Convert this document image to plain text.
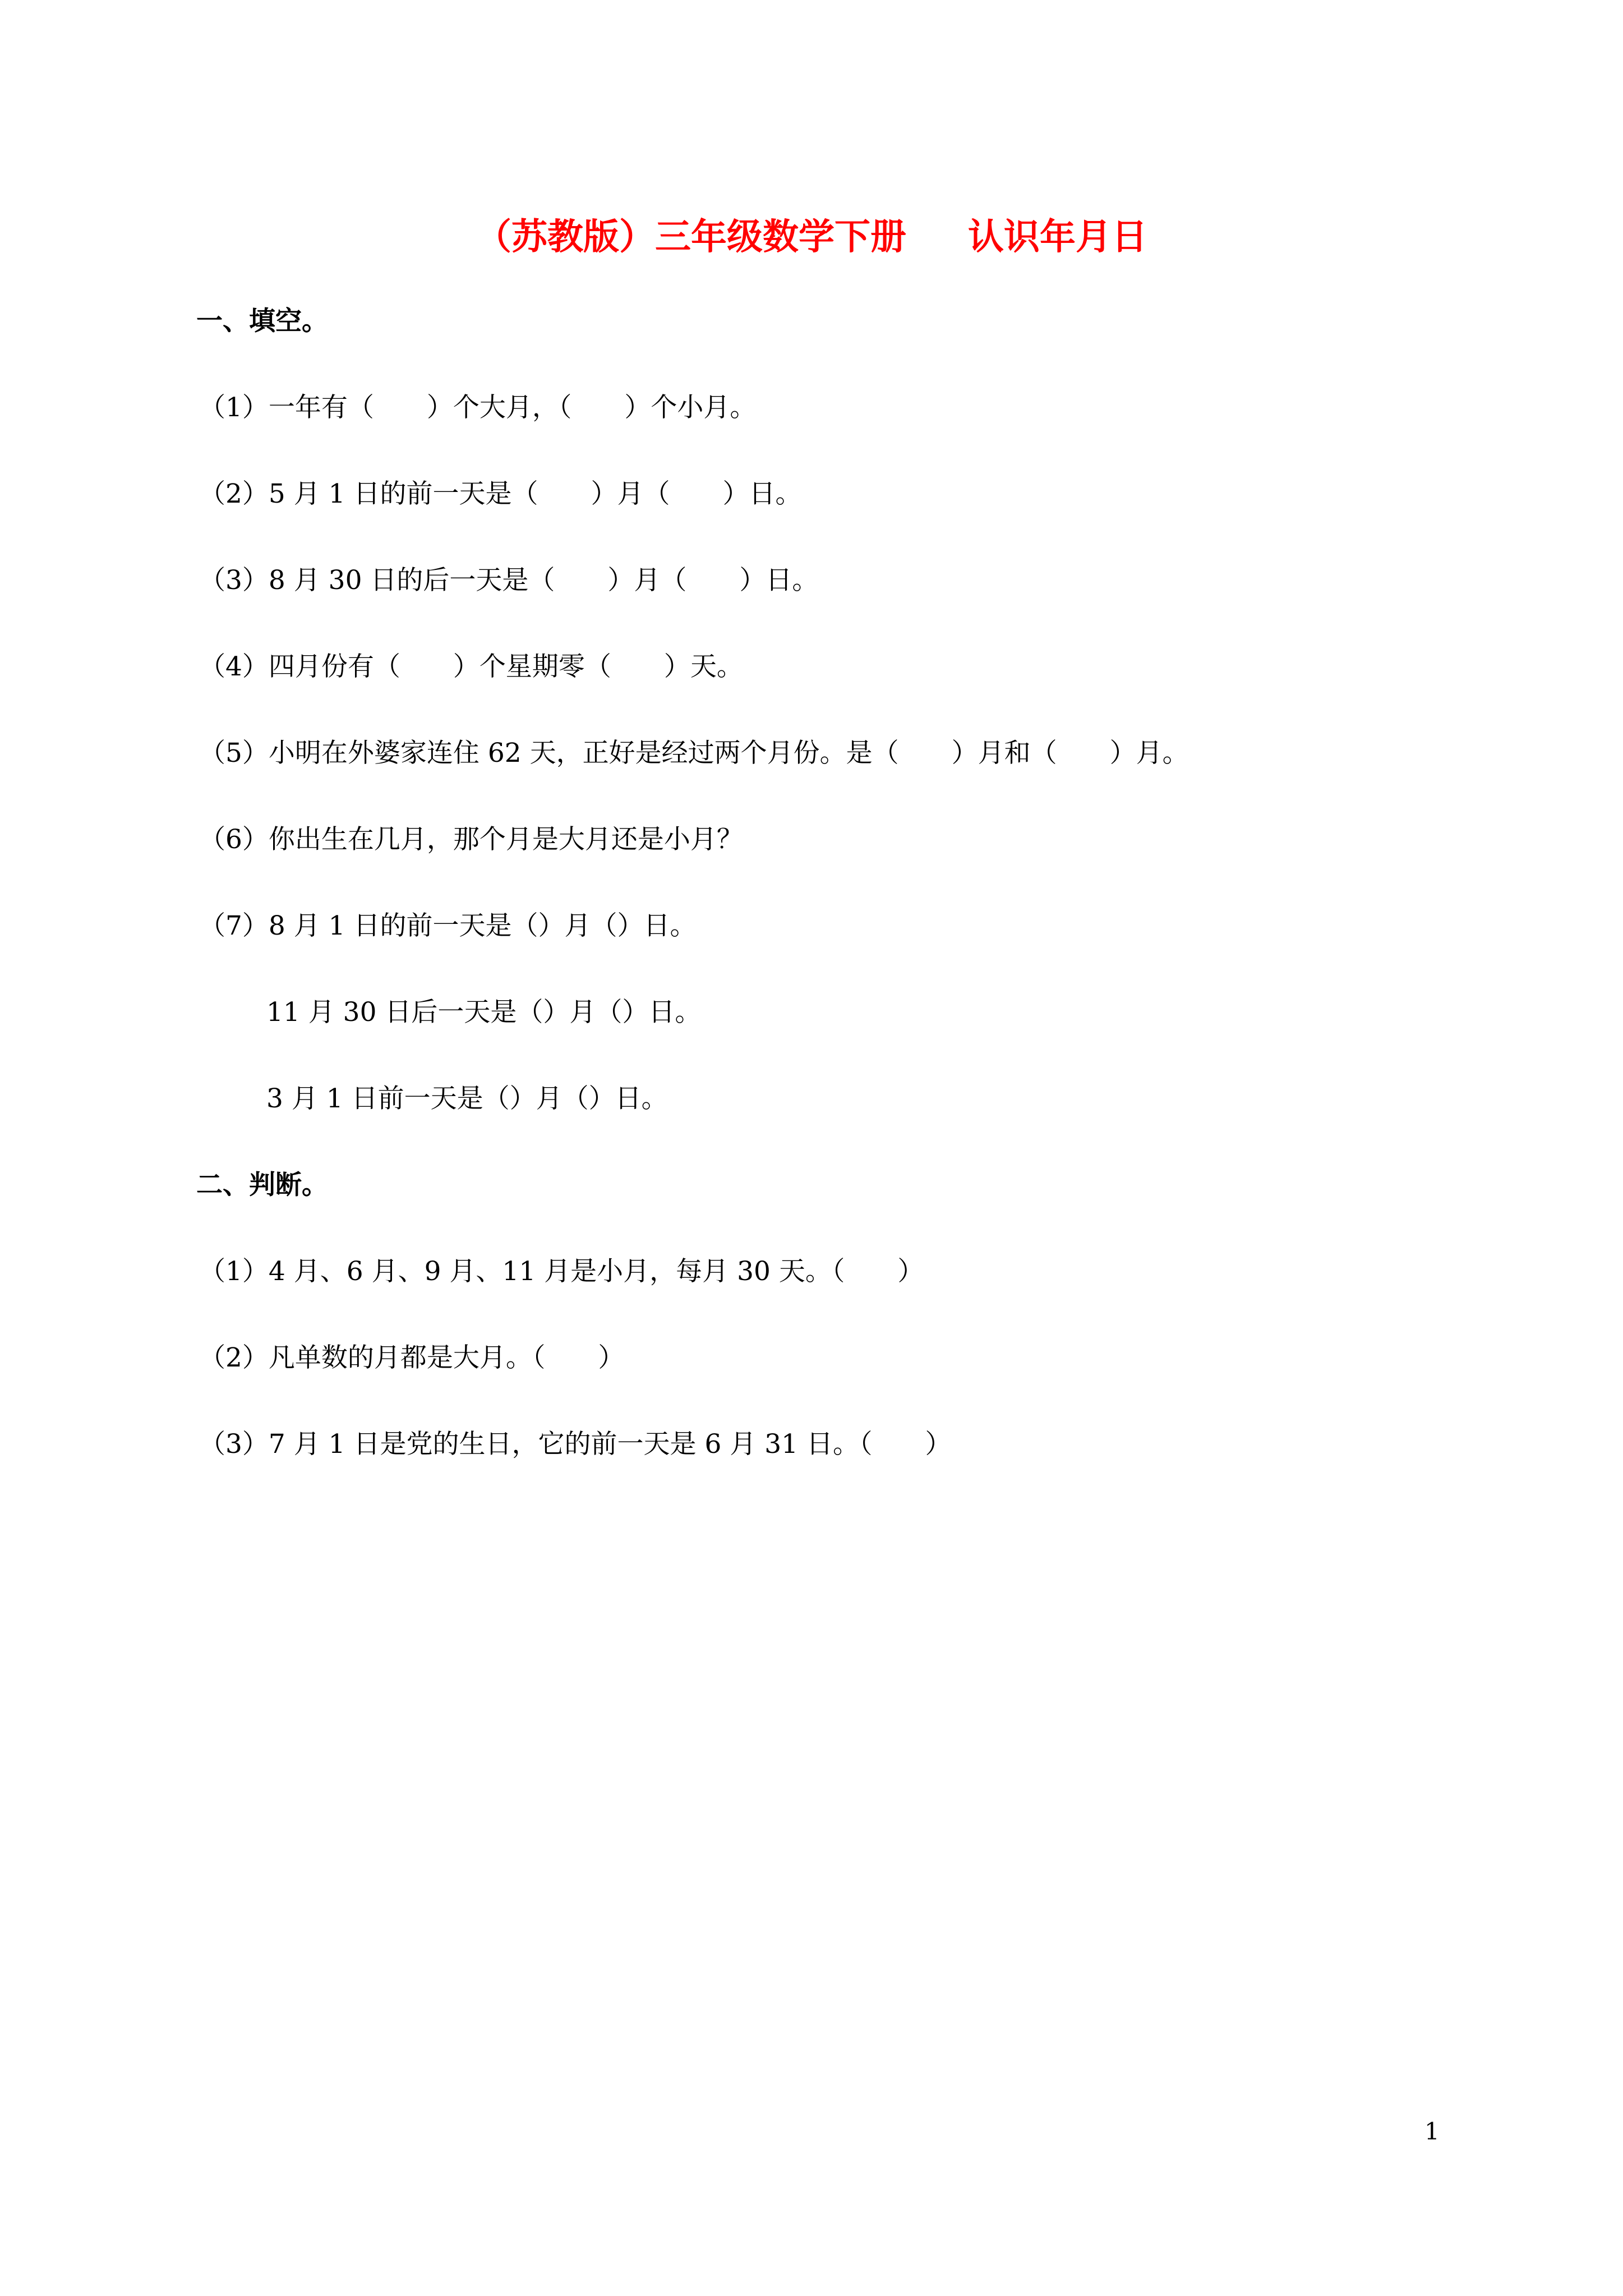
（苏教版）三年级数学下册 认识年月日
一、填空。
（1）一年有（　　）个大月，（　　）个小月。
（2）5 月 1 日的前一天是（　　）月（　　）日。
（3）8 月 30 日的后一天是（　　）月（　　）日。
（4）四月份有（　　）个星期零（　　）天。
（5）小明在外婆家连住 62 天，正好是经过两个月份。是（　　）月和（　　）月。
（6）你出生在几月，那个月是大月还是小月？
（7）8 月 1 日的前一天是（）月（）日。
11 月 30 日后一天是（）月（）日。
3 月 1 日前一天是（）月（）日。
二、判断。
（1）4 月、6 月、9 月、11 月是小月，每月 30 天。（　　）
（2）凡单数的月都是大月。（　　）
（3）7 月 1 日是党的生日，它的前一天是 6 月 31 日。（　　）
1
